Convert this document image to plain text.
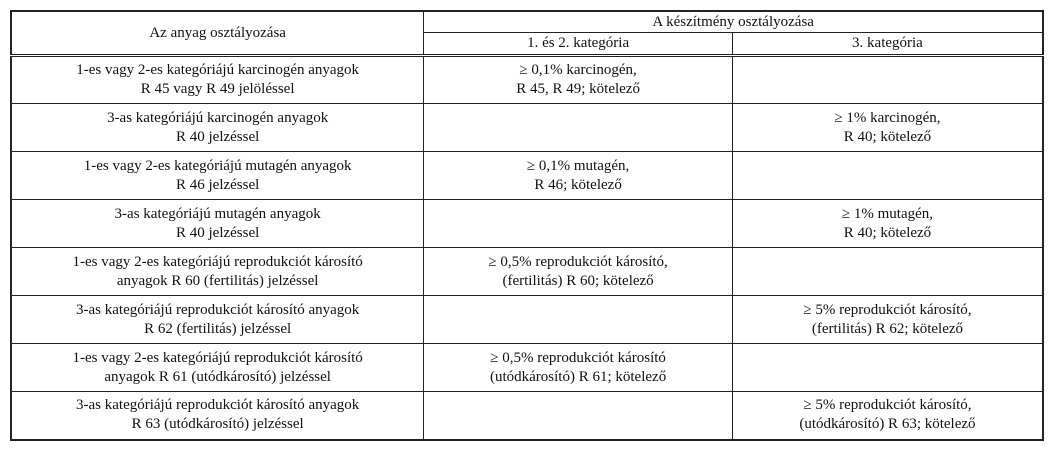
Az anyag osztályozása	A készítmény osztályozása	
	1. és 2. kategória	3. kategória
1-es vagy 2-es kategóriájú karcinogén anyagok
R 45 vagy R 49 jelöléssel	≥ 0,1% karcinogén,
R 45, R 49; kötelező	
3-as kategóriájú karcinogén anyagok
R 40 jelzéssel		≥ 1% karcinogén,
R 40; kötelező
1-es vagy 2-es kategóriájú mutagén anyagok
R 46 jelzéssel	≥ 0,1% mutagén,
R 46; kötelező	
3-as kategóriájú mutagén anyagok
R 40 jelzéssel		≥ 1% mutagén,
R 40; kötelező
1-es vagy 2-es kategóriájú reprodukciót károsító
anyagok R 60 (fertilitás) jelzéssel	≥ 0,5% reprodukciót károsító,
(fertilitás) R 60; kötelező	
3-as kategóriájú reprodukciót károsító anyagok
R 62 (fertilitás) jelzéssel		≥ 5% reprodukciót károsító,
(fertilitás) R 62; kötelező
1-es vagy 2-es kategóriájú reprodukciót károsító
anyagok R 61 (utódkárosító) jelzéssel	≥ 0,5% reprodukciót károsító
(utódkárosító) R 61; kötelező	
3-as kategóriájú reprodukciót károsító anyagok
R 63 (utódkárosító) jelzéssel		≥ 5% reprodukciót károsító,
(utódkárosító) R 63; kötelező
